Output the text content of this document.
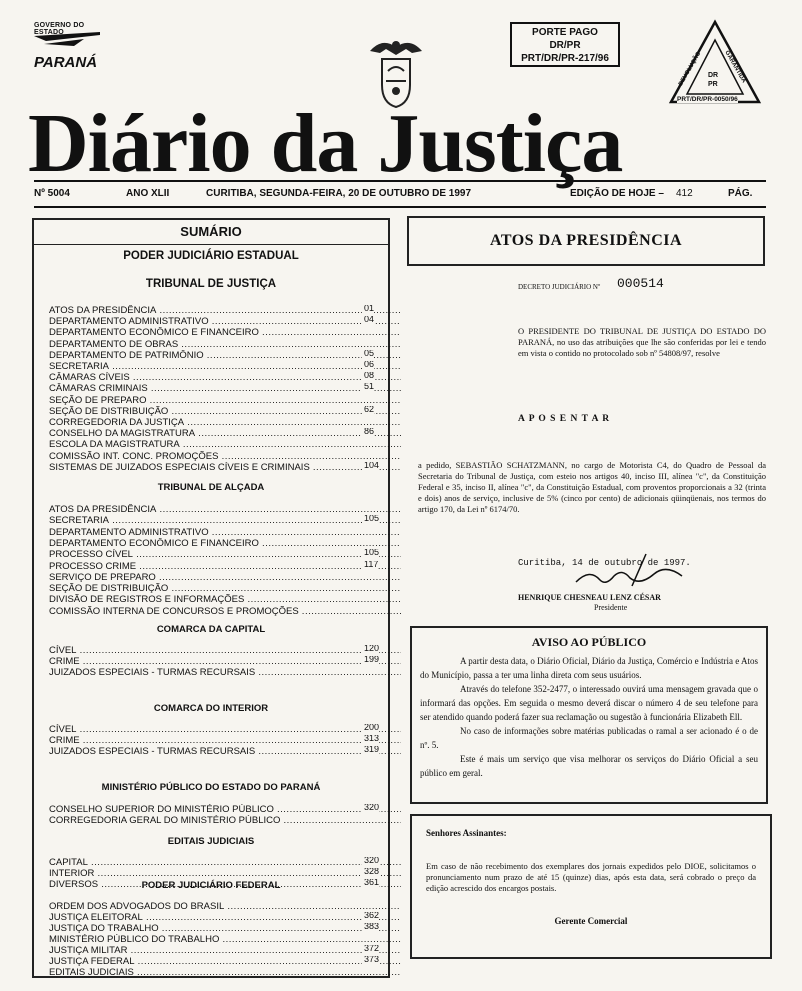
GOVERNO DO ESTADO
PARANÁ
PORTE PAGO
DR/PR
PRT/DR/PR-217/96	DEVOLUÇÃO	GARANTIDA
DR
PR
PRT/DR/PR-0050/96
Diário da Justiça
Nº 5004	ANO XLII	CURITIBA, SEGUNDA-FEIRA, 20 DE OUTUBRO DE 1997	EDIÇÃO DE HOJE – 412	PÁG.
SUMÁRIO
PODER JUDICIÁRIO ESTADUAL
TRIBUNAL DE JUSTIÇA
ATOS DA PRESIDÊNCIA .....	01
DEPARTAMENTO ADMINISTRATIVO .....	04
DEPARTAMENTO ECONÔMICO E FINANCEIRO .....
DEPARTAMENTO DE OBRAS .....
DEPARTAMENTO DE PATRIMÔNIO .....	05
SECRETARIA .....	06
CÂMARAS CÍVEIS .....	08
CÂMARAS CRIMINAIS .....	51
SEÇÃO DE PREPARO .....
SEÇÃO DE DISTRIBUIÇÃO .....	62
CORREGEDORIA DA JUSTIÇA .....
CONSELHO DA MAGISTRATURA .....	86
ESCOLA DA MAGISTRATURA .....
COMISSÃO INT. CONC. PROMOÇÕES .....
SISTEMAS DE JUIZADOS ESPECIAIS CÍVEIS E CRIMINAIS .....	104
TRIBUNAL DE ALÇADA
ATOS DA PRESIDÊNCIA .....
SECRETARIA .....	105
DEPARTAMENTO ADMINISTRATIVO .....
DEPARTAMENTO ECONÔMICO E FINANCEIRO .....
PROCESSO CÍVEL .....	105
PROCESSO CRIME .....	117
SERVIÇO DE PREPARO .....
SEÇÃO DE DISTRIBUIÇÃO .....
DIVISÃO DE REGISTROS E INFORMAÇÕES .....
COMISSÃO INTERNA DE CONCURSOS E PROMOÇÕES .....
COMARCA DA CAPITAL
CÍVEL .....	120
CRIME .....	199
JUIZADOS ESPECIAIS - TURMAS RECURSAIS .....
COMARCA DO INTERIOR
CÍVEL .....	200
CRIME .....	313
JUIZADOS ESPECIAIS - TURMAS RECURSAIS .....	319
MINISTÉRIO PÚBLICO DO ESTADO DO PARANÁ
CONSELHO SUPERIOR DO MINISTÉRIO PÚBLICO .....	320
CORREGEDORIA GERAL DO MINISTÉRIO PÚBLICO .....
EDITAIS JUDICIAIS
CAPITAL .....	320
INTERIOR .....	328
DIVERSOS .....	361
PODER JUDICIÁRIO FEDERAL
ORDEM DOS ADVOGADOS DO BRASIL .....
JUSTIÇA ELEITORAL .....	362
JUSTIÇA DO TRABALHO .....	383
MINISTÉRIO PÚBLICO DO TRABALHO .....
JUSTIÇA MILITAR .....	372
JUSTIÇA FEDERAL .....	373
EDITAIS JUDICIAIS .....
ATOS DA PRESIDÊNCIA
DECRETO JUDICIÁRIO Nº 000514
O PRESIDENTE DO TRIBUNAL DE JUSTIÇA DO ESTADO DO PARANÁ, no uso das atribuições que lhe são conferidas por lei e tendo em vista o contido no protocolado sob nº 54808/97, resolve
A P O S E N T A R
a pedido, SEBASTIÃO SCHATZMANN, no cargo de Motorista C4, do Quadro de Pessoal da Secretaria do Tribunal de Justiça, com esteio nos artigos 40, inciso III, alínea "c", da Constituição Federal e 35, inciso II, alínea "c", da Constituição Estadual, com proventos proporcionais a 32 (trinta e dois) anos de serviço, inclusive de 5% (cinco por cento) de adicionais qüinqüenais, nos termos do artigo 170, da Lei nº 6174/70.
Curitiba, 14 de outubro de 1997.
HENRIQUE CHESNEAU LENZ CÉSAR
Presidente
AVISO AO PÚBLICO

A partir desta data, o Diário Oficial, Diário da Justiça, Comércio e Indústria e Atos do Município, passa a ter uma linha direta com seus usuários.

Através do telefone 352-2477, o interessado ouvirá uma mensagem gravada que o informará das opções. Em seguida o mesmo deverá discar o número 4 de seu telefone para ser atendido quando poderá fazer sua reclamação ou sugestão à funcionária Elizabeth Ell.

No caso de informações sobre matérias publicadas o ramal a ser acionado é o de nº. 5.

Este é mais um serviço que visa melhorar os serviços do Diário Oficial a seu público em geral.

Senhores Assinantes:
Em caso de não recebimento dos exemplares dos jornais expedidos pelo DIOE, solicitamos o pronunciamento num prazo de até 15 (quinze) dias, após esta data, será cobrado o preço da edição acrescido dos encargos postais.
Gerente Comercial
